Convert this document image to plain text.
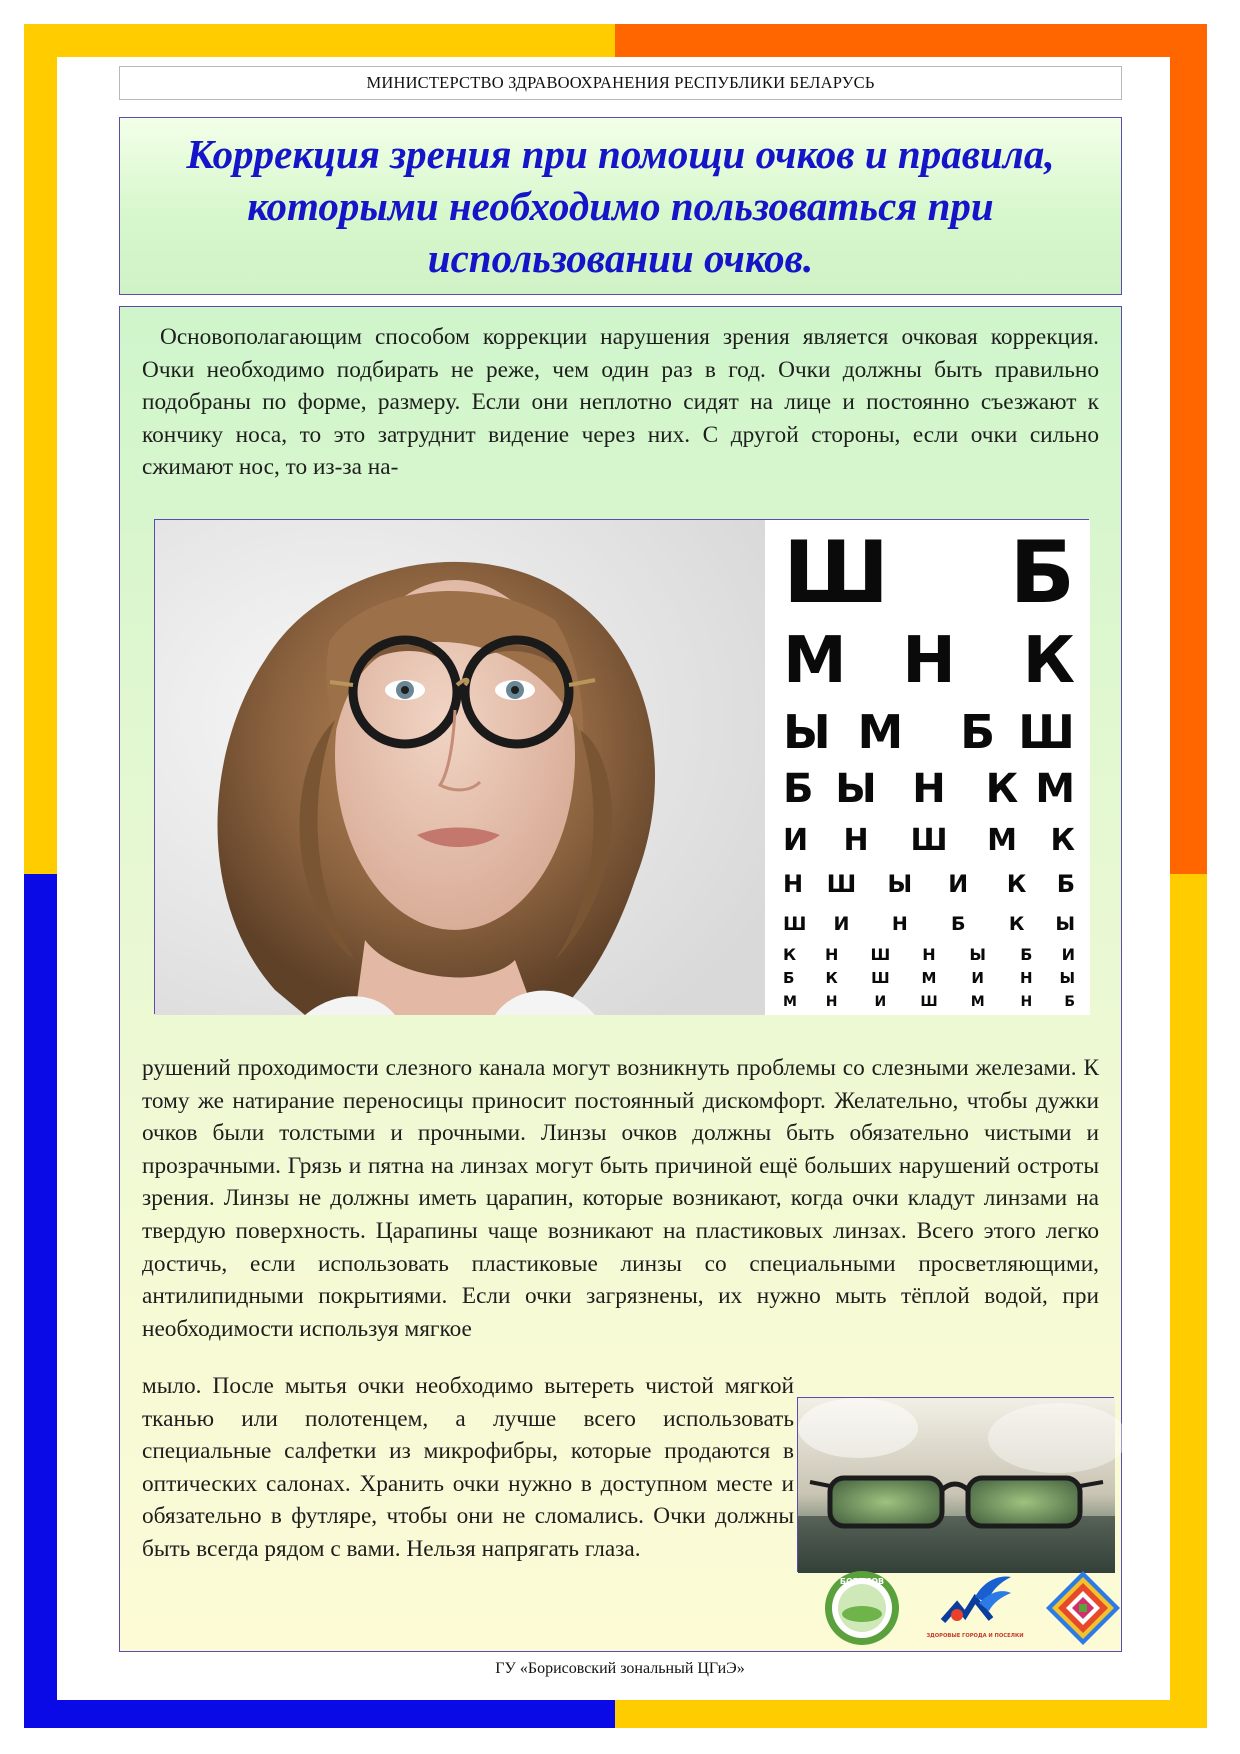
МИНИСТЕРСТВО ЗДРАВООХРАНЕНИЯ РЕСПУБЛИКИ БЕЛАРУСЬ
Коррекция зрения при помощи очков и правила, которыми необходимо пользоваться при использовании очков.

Основополагающим способом коррекции нарушения зрения является очковая коррекция. Очки необходимо подбирать не реже, чем один раз в год. Очки должны быть правильно подобраны по форме, размеру. Если они неплотно сидят на лице и постоянно съезжают к кончику носа, то это затруднит видение через них. С другой стороны, если очки сильно сжимают нос, то из-за на-

Ш Б
М Н К
Ы М Б Ш
Б Ы Н К М
И Н Ш М К
Н Ш Ы И К Б
Ш И Н Б К Ы
К Н Ш Н Ы Б И
Б К Ш М И Н Ы
М Н	И Ш М	Н Б

рушений проходимости слезного канала могут возникнуть проблемы со слезными железами. К тому же натирание переносицы приносит постоянный дискомфорт. Желательно, чтобы дужки очков были толстыми и прочными. Линзы очков должны быть обязательно чистыми и прозрачными. Грязь и пятна на линзах могут быть причиной ещё больших нарушений остроты зрения. Линзы не должны иметь царапин, которые возникают, когда очки кладут линзами на твердую поверхность. Царапины чаще возникают на пластиковых линзах. Всего этого легко достичь, если использовать пластиковые линзы со специальными просветляющими, антилипидными покрытиями. Если очки загрязнены, их нужно мыть тёплой водой, при необходимости используя мягкое

мыло. После мытья очки необходимо вытереть чистой мягкой тканью или полотенцем, а лучше всего использовать специальные салфетки из микрофибры, которые продаются в оптических салонах. Хранить очки нужно в доступном месте и обязательно в футляре, чтобы они не сломались. Очки должны быть всегда рядом с вами. Нельзя напрягать глаза.

БОРИСОВ
ЗДОРОВЫЕ ГОРОДА И ПОСЕЛКИ
ГУ «Борисовский зональный ЦГиЭ»
